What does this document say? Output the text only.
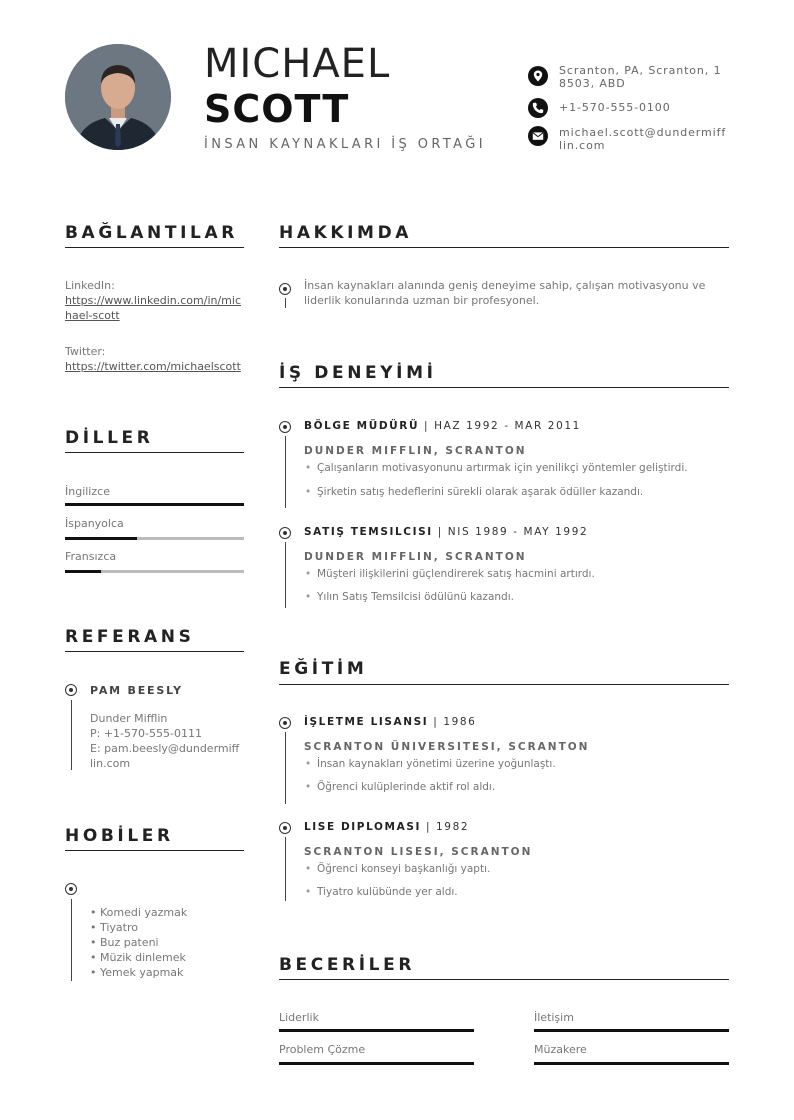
MICHAEL
SCOTT
İNSAN KAYNAKLARI İŞ ORTAĞI
Scranton, PA, Scranton, 18503, ABD
+1-570-555-0100
michael.scott@dundermifflin.com
BAĞLANTILAR
LinkedIn:
https://www.linkedin.com/in/michael-scott
Twitter:
https://twitter.com/michaelscott
DİLLER
İngilizce
İspanyolca
Fransızca
REFERANS
PAM BEESLY
Dunder Mifflin
P: +1-570-555-0111
E: pam.beesly@dundermifflin.com
HOBİLER
• Komedi yazmak
• Tiyatro
• Buz pateni
• Müzik dinlemek
• Yemek yapmak
HAKKIMDA
İnsan kaynakları alanında geniş deneyime sahip, çalışan motivasyonu ve
liderlik konularında uzman bir profesyonel.
İŞ DENEYİMİ
BÖLGE MÜDÜRÜ | HAZ 1992 - MAR 2011
DUNDER MIFFLIN, SCRANTON
• Çalışanların motivasyonunu artırmak için yenilikçi yöntemler geliştirdi.
• Şirketin satış hedeflerini sürekli olarak aşarak ödüller kazandı.
SATIŞ TEMSILCISI | NIS 1989 - MAY 1992
DUNDER MIFFLIN, SCRANTON
• Müşteri ilişkilerini güçlendirerek satış hacmini artırdı.
• Yılın Satış Temsilcisi ödülünü kazandı.
EĞİTİM
İŞLETME LISANSI | 1986
SCRANTON ÜNIVERSITESI, SCRANTON
• İnsan kaynakları yönetimi üzerine yoğunlaştı.
• Öğrenci kulüplerinde aktif rol aldı.
LISE DIPLOMASI | 1982
SCRANTON LISESI, SCRANTON
• Öğrenci konseyi başkanlığı yaptı.
• Tiyatro kulübünde yer aldı.
BECERİLER
Liderlik	İletişim
Problem Çözme	Müzakere
